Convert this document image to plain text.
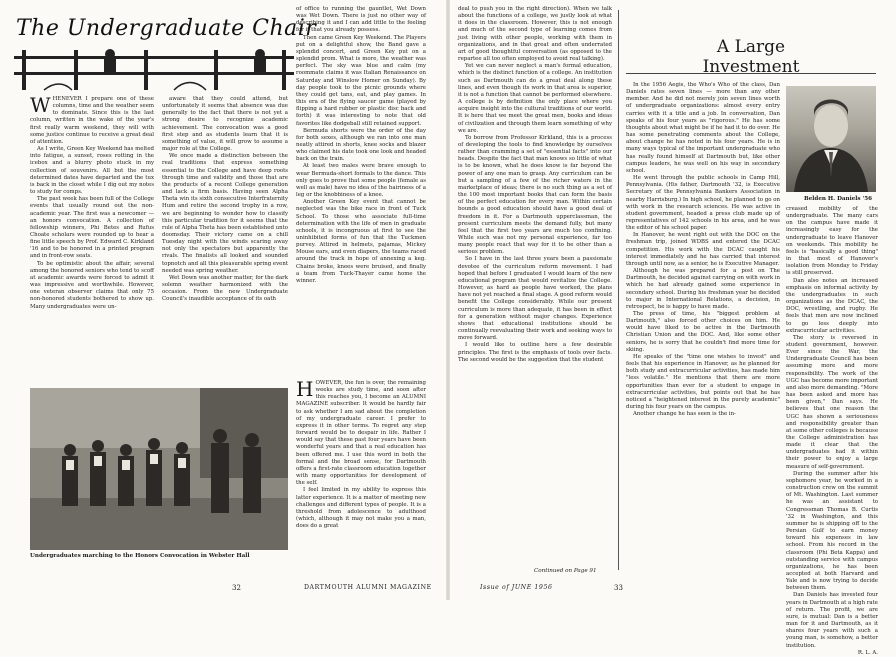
The Undergraduate Chair
W HENEVER I prepare one of these columns, time and the weather seem to dominate. Since this is the last column, written in the wake of the year's first really warm weekend, they will with some justice continue to receive a great deal of attention.

As I write, Green Key Weekend has melted into fatigue, a sunset, roses rotting in the icebox and a blurry photo stuck in my collection of souvenirs. All but the most determined dates have departed and the tux is back in the closet while I dig out my notes to study for comps.

The past week has been full of the College events that usually round out the non-academic year. The first was a newcomer — an honors convocation. A collection of fellowship winners, Phi Betes and Rufus Choate scholars were rounded up to hear a fine little speech by Prof. Edward C. Kirkland '16 and to be honored in a printed program and in front-row seats.

To be optimistic about the affair, several among the honored seniors who tend to scoff at academic awards were forced to admit it was impressive and worthwhile. However, one veteran observer claims that only 75 non-honored students bothered to show up. Many undergraduates were un-

aware that they could attend, but unfortunately it seems that absence was due generally to the fact that there is not yet a strong desire to recognize academic achievement. The convocation was a good first step and as students learn that it is something of value, it will grow to assume a major role at the College.

We once made a distinction between the real traditions that express something essential to the College and have deep roots through time and validity and those that are the products of a recent College generation and lack a firm basis. Having seen Alpha Theta win its sixth consecutive Interfraternity Hum and retire the second trophy in a row, we are beginning to wonder how to classify this particular tradition for it seems that the rule of Alpha Theta has been established unto doomsday. Their victory came on a chill Tuesday night with the winds scaring away not only the spectators but apparently the rivals. The finalists all looked and sounded topnotch and all this pleasurable spring event needed was spring weather.

Wet Down was another matter, for the dark solemn weather harmonized with the occasion. From the new Undergraduate Council's inaudible acceptance of its oath

of office to running the gauntlet, Wet Down was Wet Down. There is just no other way of describing it and I can add little to the feeling for it that you already possess.

Then came Green Key Weekend. The Players put on a delightful show, the Band gave a splendid concert, and Green Key put on a splendid prom. What is more, the weather was perfect. The sky was blue and calm (my roommate claims it was Italian Renaissance on Saturday and Winslow Homer on Sunday). By day people took to the picnic grounds where they could get tans, eat, and play games. In this era of the flying saucer game (played by flipping a hard rubber or plastic disc back and forth) it was interesting to note that old favorites like dodgeball still retained support.

Bermuda shorts were the order of the day for both sexes, although we ran into one man neatly attired in shorts, knee socks and blazer who claimed his date took one look and headed back on the train.

At least two males were brave enough to wear Bermuda-short formals to the dance. This only goes to prove that some people (female as well as male) have no idea of the hairiness of a leg or the knobbiness of a knee.

Another Green Key event that cannot be neglected was the bike race in front of Tuck School. To those who associate full-time determination with the life of men in graduate schools, it is incongruous at first to see the uninhibited forms of fun that the Tuckmen purvey. Attired in helmets, pajamas, Mickey Mouse ears, and even diapers, the teams raced around the track in hope of annexing a keg. Chains broke, knees were bruised, and finally a team from Tuck-Thayer came home the winner.

H OWEVER, the fun is over, the remaining weeks are study time, and soon after this reaches you, I become an ALUMNI MAGAZINE subscriber. It would be hardly fair to ask whether I am sad about the completion of my undergraduate career. I prefer to express it in other terms. To regret any step forward would be to despair in life. Rather I would say that these past four years have been wonderful years and that a real education has been offered me. I use this word in both the formal and the broad sense, for Dartmouth offers a first-rate classroom education together with many opportunities for development of the self.

I feel limited in my ability to express this latter experience. It is a matter of meeting new challenges and different types of people. It is a threshold from adolescence to adulthood (which, although it may not make you a man, does do a great

Undergraduates marching to the Honors Convocation in Webster Hall
32	DARTMOUTH ALUMNI MAGAZINE

deal to push you in the right direction). When we talk about the functions of a college, we justly look at what it does in the classroom. However, this is not enough and much of the second type of learning comes from just living with other people, working with them in organizations, and in that great and often underrated art of good thoughtful conversation (as opposed to the repartee all too often employed to avoid real talking).

Yet we can never neglect a man's formal education, which is the distinct function of a college. An institution such as Dartmouth can do a great deal along these lines, and even though its work in that area is superior, it is not a function that cannot be performed elsewhere. A college is by definition the only place where you acquire insight into the cultural traditions of our world. It is here that we meet the great men, books and ideas of civilization and through them learn something of why we are.

To borrow from Professor Kirkland, this is a process of developing the tools to find knowledge by ourselves rather than cramming a set of "essential facts" into our heads. Despite the fact that man knows so little of what is to be known, what he does know is far beyond the power of any one man to grasp. Any curriculum can be but a sampling of a few of the richer waters in the marketplace of ideas; there is no such thing as a set of the 100 most important books that can form the basis of the perfect education for every man. Within certain bounds a good education should have a good deal of freedom in it. For a Dartmouth upperclassman, the present curriculum meets the demand fully, but many feel that the first two years are much too confining. While such was not my personal experience, far too many people react that way for it to be other than a serious problem.

So I have in the last three years been a passionate devotee of the curriculum reform movement. I had hoped that before I graduated I would learn of the new educational program that would revitalize the College. However, as hard as people have worked, the plans have not yet reached a final stage. A good reform would benefit the College considerably. While our present curriculum is more than adequate, it has been in effect for a generation without major changes. Experience shows that educational institutions should be continually reevaluating their work and seeking ways to move forward.

I would like to outline here a few desirable principles. The first is the emphasis of tools over facts. The second would be the suggestion that the student

Continued on Page 91
Issue of JUNE 1956	33
A Large
Investment

In the 1956 Aegis, the Who's Who of the class, Dan Daniels rates seven lines — more than any other member. And he did not merely join seven lines worth of undergraduate organizations: almost every entry carries with it a title and a job. In conversation, Dan speaks of his four years as "rigorous." He has some thoughts about what might be if he had it to do over. He has some penetrating comments about the College, about change he has noted in his four years. He is in many ways typical of the important undergraduate who has really found himself at Dartmouth but, like other campus leaders, he was well on his way in secondary school.

He went through the public schools in Camp Hill, Pennsylvania. (His father, Dartmouth '32, is Executive Secretary of the Pennsylvania Bankers Association in nearby Harrisburg.) In high school, he planned to go on with work in the research sciences. He was active in student government, headed a press club made up of representatives of 142 schools in his area, and he was the editor of his school paper.

In Hanover, he went right out with the DOC on the freshman trip, joined WDBS and entered the DCAC competition. His work with the DCAC caught his interest immediately and he has carried that interest through until now, as a senior, he is Executive Manager.

Although he was prepared for a post on The Dartmouth, he decided against carrying on with work in which he had already gained some experience in secondary school. During his freshman year he decided to major in International Relations, a decision, in retrospect, he is happy to have made.

The press of time, his "biggest problem at Dartmouth," also forced other choices on him. He would have liked to be active in the Dartmouth Christian Union and the DOC. And, like some other seniors, he is sorry that he couldn't find more time for skiing.

He speaks of the "time one wishes to invest" and feels that his experience in Hanover, as he planned for both study and extracurricular activities, has made him "less volatile." He mentions that there are more opportunities than ever for a student to engage in extracurricular activities, but points out that he has noticed a "heightened interest in the purely academic" during his four years on the campus.

Another change he has seen is the in-

Belden H. Daniels '56

creased mobility of the undergraduate. The many cars on the campus have made it increasingly easy for the undergraduate to leave Hanover on weekends. This mobility he feels is "basically a good thing" in that most of Hanover's isolation from Monday to Friday is still preserved.

Dan also notes an increased emphasis on informal activity by the undergraduates in such organizations as the DCAC, the DOC, wrestling, and rugby. He feels that men are now inclined to go less deeply into extracurricular activities.

The story is reversed in student government, however. Ever since the War, the Undergraduate Council has been assuming more and more responsibility. The work of the UGC has become more important and also more demanding. "More has been asked and more has been given," Dan says. He believes that one reason the UGC has shown a seriousness and responsibility greater than at some other colleges is because the College administration has made it clear that the undergraduates had it within their power to enjoy a large measure of self-government.

During the summer after his sophomore year, he worked in a construction crew on the summit of Mt. Washington. Last summer he was an assistant to Congressman Thomas B. Curtis '32 in Washington, and this summer he is shipping off to the Persian Gulf to earn money toward his expenses in law school. From his record in the classroom (Phi Beta Kappa) and outstanding service with campus organizations, he has been accepted at both Harvard and Yale and is now trying to decide between them.

Dan Daniels has invested four years in Dartmouth at a high rate of return. The profit, we are sure, is mutual: Dan is a better man for it and Dartmouth, as it shares four years with such a young man, is somehow, a better institution.

R. L. A.
